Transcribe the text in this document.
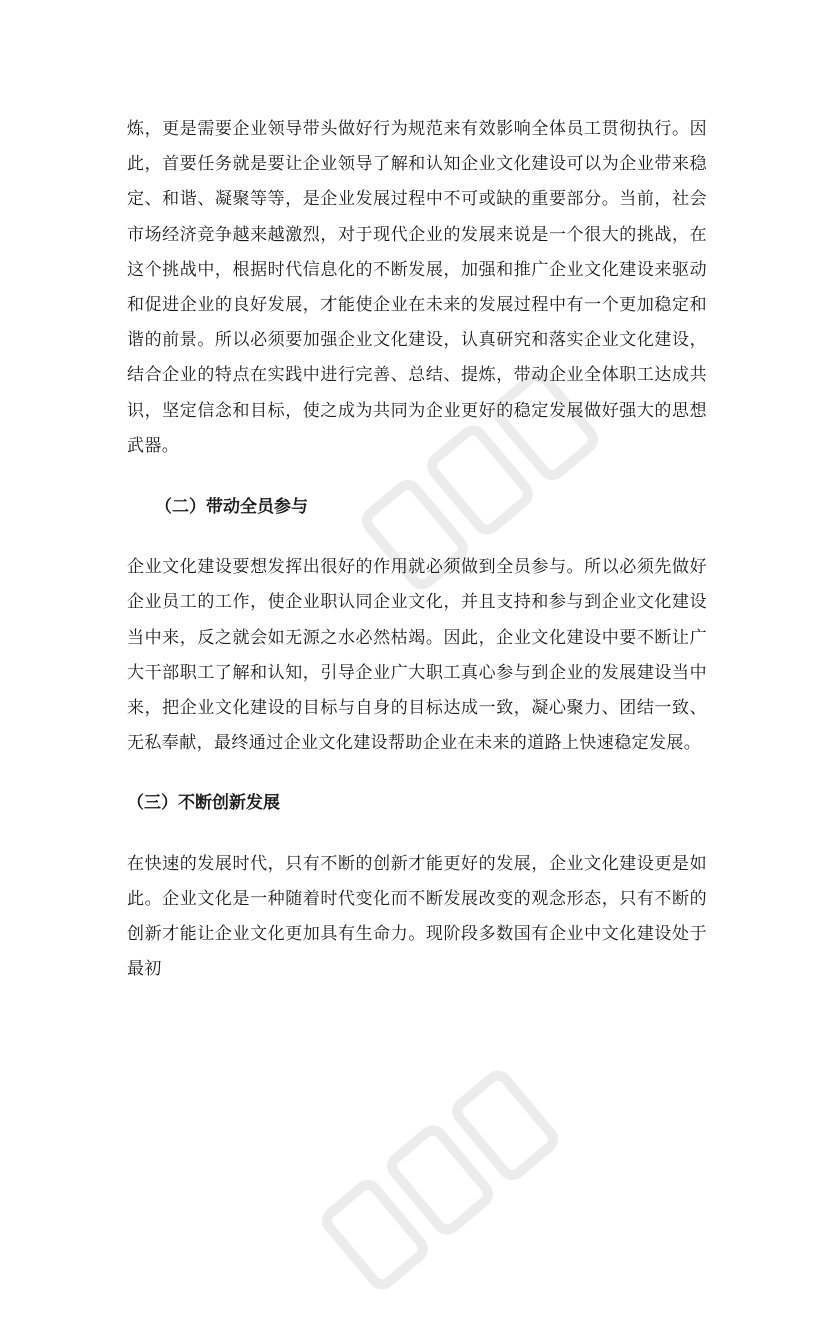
炼，更是需要企业领导带头做好行为规范来有效影响全体员工贯彻执行。因此，首要任务就是要让企业领导了解和认知企业文化建设可以为企业带来稳定、和谐、凝聚等等，是企业发展过程中不可或缺的重要部分。当前，社会市场经济竞争越来越激烈，对于现代企业的发展来说是一个很大的挑战，在这个挑战中，根据时代信息化的不断发展，加强和推广企业文化建设来驱动和促进企业的良好发展，才能使企业在未来的发展过程中有一个更加稳定和谐的前景。所以必须要加强企业文化建设，认真研究和落实企业文化建设，结合企业的特点在实践中进行完善、总结、提炼，带动企业全体职工达成共识，坚定信念和目标，使之成为共同为企业更好的稳定发展做好强大的思想武器。

（二）带动全员参与

企业文化建设要想发挥出很好的作用就必须做到全员参与。所以必须先做好企业员工的工作，使企业职认同企业文化，并且支持和参与到企业文化建设当中来，反之就会如无源之水必然枯竭。因此，企业文化建设中要不断让广大干部职工了解和认知，引导企业广大职工真心参与到企业的发展建设当中来，把企业文化建设的目标与自身的目标达成一致，凝心聚力、团结一致、无私奉献，最终通过企业文化建设帮助企业在未来的道路上快速稳定发展。

（三）不断创新发展

在快速的发展时代，只有不断的创新才能更好的发展，企业文化建设更是如此。企业文化是一种随着时代变化而不断发展改变的观念形态，只有不断的创新才能让企业文化更加具有生命力。现阶段多数国有企业中文化建设处于最初
